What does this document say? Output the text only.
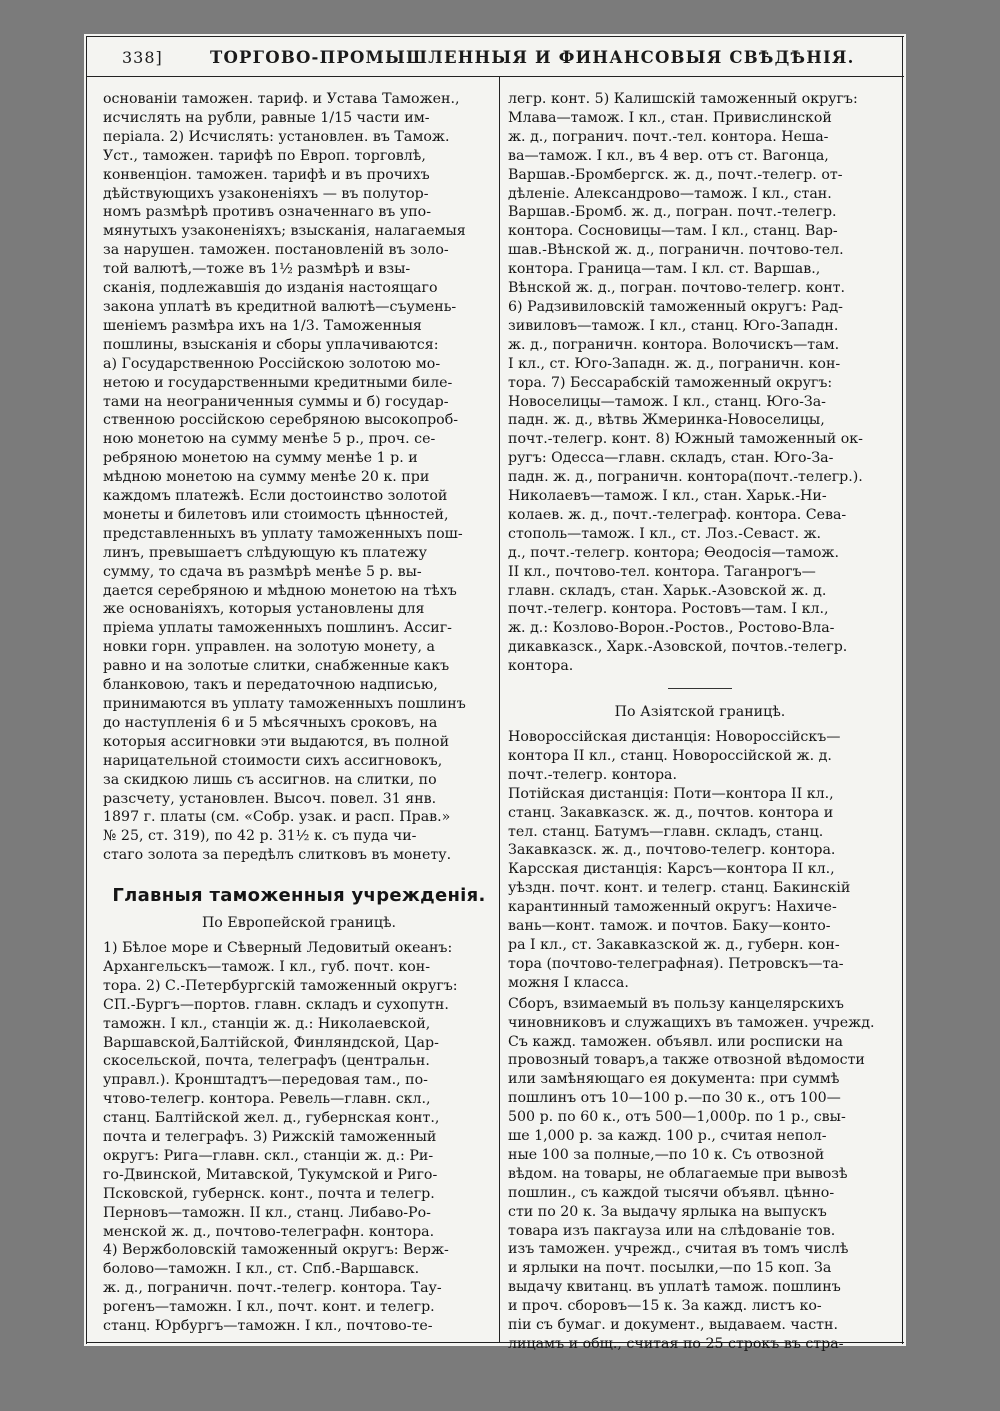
338]	ТОРГОВО-ПРОМЫШЛЕННЫЯ И ФИНАНСОВЫЯ СВѢДѢНІЯ.
основаніи таможен. тариф. и Устава Таможен.,
исчислять на рубли, равные 1/15 части им-
перiала. 2) Исчислять: установлен. въ Тамож.
Уст., таможен. тарифѣ по Европ. торговлѣ,
конвенціон. таможен. тарифѣ и въ прочихъ
дѣйствующихъ узаконеніяхъ — въ полутор-
номъ размѣрѣ противъ означеннаго въ упо-
мянутыхъ узаконеніяхъ; взысканія, налагаемыя
за нарушен. таможен. постановленій въ золо-
той валютѣ,—тоже въ 1½ размѣрѣ и взы-
сканія, подлежавшія до изданія настоящаго
закона уплатѣ въ кредитной валютѣ—съумень-
шеніемъ размѣра ихъ на 1/3. Таможенныя
пошлины, взысканія и сборы уплачиваются:
а) Государственною Россійскою золотою мо-
нетою и государственными кредитными биле-
тами на неограниченныя суммы и б) государ-
ственною россійскою серебряною высокопроб-
ною монетою на сумму менѣе 5 р., проч. се-
ребряною монетою на сумму менѣе 1 р. и
мѣдною монетою на сумму менѣе 20 к. при
каждомъ платежѣ. Если достоинство золотой
монеты и билетовъ или стоимость цѣнностей,
представленныхъ въ уплату таможенныхъ пош-
линъ, превышаетъ слѣдующую къ платежу
сумму, то сдача въ размѣрѣ менѣе 5 р. вы-
дается серебряною и мѣдною монетою на тѣхъ
же основаніяхъ, которыя установлены для
пріема уплаты таможенныхъ пошлинъ. Ассиг-
новки горн. управлен. на золотую монету, а
равно и на золотые слитки, снабженные какъ
бланковою, такъ и передаточною надписью,
принимаются въ уплату таможенныхъ пошлинъ
до наступленія 6 и 5 мѣсячныхъ сроковъ, на
которыя ассигновки эти выдаются, въ полной
нарицательной стоимости сихъ ассигновокъ,
за скидкою лишь съ ассигнов. на слитки, по
разсчету, установлен. Высоч. повел. 31 янв.
1897 г. платы (см. «Собр. узак. и расп. Прав.»
№ 25, ст. 319), по 42 р. 31½ к. съ пуда чи-
стаго золота за передѣлъ слитковъ въ монету.
Главныя таможенныя учрежденія.
По Европейской границѣ.
1) Бѣлое море и Сѣверный Ледовитый океанъ:
Архангельскъ—тамож. I кл., губ. почт. кон-
тора. 2) С.-Петербургскій таможенный округъ:
СП.-Бургъ—портов. главн. складъ и сухопутн.
таможн. I кл., станціи ж. д.: Николаевской,
Варшавской,Балтійской, Финляндской, Цар-
скосельской, почта, телеграфъ (центральн.
управл.). Кронштадтъ—передовая там., по-
чтово-телегр. контора. Ревель—главн. скл.,
станц. Балтійской жел. д., губернская конт.,
почта и телеграфъ. 3) Рижскій таможенный
округъ: Рига—главн. скл., станціи ж. д.: Ри-
го-Двинской, Митавской, Тукумской и Риго-
Псковской, губернск. конт., почта и телегр.
Перновъ—таможн. II кл., станц. Либаво-Ро-
менской ж. д., почтово-телеграфн. контора.
4) Вержболовскій таможенный округъ: Верж-
болово—таможн. I кл., ст. Спб.-Варшавск.
ж. д., пограничн. почт.-телегр. контора. Тау-
рогенъ—таможн. I кл., почт. конт. и телегр.
станц. Юрбургъ—таможн. I кл., почтово-те-
легр. конт. 5) Калишскій таможенный округъ:
Млава—тамож. I кл., стан. Привислинской
ж. д., погранич. почт.-тел. контора. Неша-
ва—тамож. I кл., въ 4 вер. отъ ст. Вагонца,
Варшав.-Бромбергск. ж. д., почт.-телегр. от-
дѣленіе. Александрово—тамож. I кл., стан.
Варшав.-Бромб. ж. д., погран. почт.-телегр.
контора. Сосновицы—там. I кл., станц. Вар-
шав.-Вѣнской ж. д., пограничн. почтово-тел.
контора. Граница—там. I кл. ст. Варшав.,
Вѣнской ж. д., погран. почтово-телегр. конт.
6) Радзивиловскій таможенный округъ: Рад-
зивиловъ—тамож. I кл., станц. Юго-Западн.
ж. д., пограничн. контора. Волочискъ—там.
I кл., ст. Юго-Западн. ж. д., пограничн. кон-
тора. 7) Бессарабскій таможенный округъ:
Новоселицы—тамож. I кл., станц. Юго-За-
падн. ж. д., вѣтвь Жмеринка-Новоселицы,
почт.-телегр. конт. 8) Южный таможенный ок-
ругъ: Одесса—главн. складъ, стан. Юго-За-
падн. ж. д., пограничн. контора(почт.-телегр.).
Николаевъ—тамож. I кл., стан. Харьк.-Ни-
колаев. ж. д., почт.-телеграф. контора. Сева-
стополь—тамож. I кл., ст. Лоз.-Севаст. ж.
д., почт.-телегр. контора; Ѳеодосія—тамож.
II кл., почтово-тел. контора. Таганрогъ—
главн. складъ, стан. Харьк.-Азовской ж. д.
почт.-телегр. контора. Ростовъ—там. I кл.,
ж. д.: Козлово-Ворон.-Ростов., Ростово-Вла-
дикавказск., Харк.-Азовской, почтов.-телегр.
контора.
По Азіятской границѣ.
Новороссійская дистанція: Новороссійскъ—
контора II кл., станц. Новороссійской ж. д.
почт.-телегр. контора.
Потійская дистанція: Поти—контора II кл.,
станц. Закавказск. ж. д., почтов. контора и
тел. станц. Батумъ—главн. складъ, станц.
Закавказск. ж. д., почтово-телегр. контора.
Карсская дистанція: Карсъ—контора II кл.,
уѣздн. почт. конт. и телегр. станц. Бакинскій
карантинный таможенный округъ: Нахиче-
вань—конт. тамож. и почтов. Баку—конто-
ра I кл., ст. Закавказской ж. д., губерн. кон-
тора (почтово-телеграфная). Петровскъ—та-
можня I класса.
Сборъ, взимаемый въ пользу канцелярскихъ
чиновниковъ и служащихъ въ таможен. учрежд.
Съ кажд. таможен. объявл. или росписки на
провозный товаръ,а также отвозной вѣдомости
или замѣняющаго ея документа: при суммѣ
пошлинъ отъ 10—100 р.—по 30 к., отъ 100—
500 р. по 60 к., отъ 500—1,000р. по 1 р., свы-
ше 1,000 р. за кажд. 100 р., считая непол-
ные 100 за полные,—по 10 к. Съ отвозной
вѣдом. на товары, не облагаемые при вывозѣ
пошлин., съ каждой тысячи объявл. цѣнно-
сти по 20 к. За выдачу ярлыка на выпускъ
товара изъ пакгауза или на слѣдованіе тов.
изъ таможен. учрежд., считая въ томъ числѣ
и ярлыки на почт. посылки,—по 15 коп. За
выдачу квитанц. въ уплатѣ тамож. пошлинъ
и проч. сборовъ—15 к. За кажд. листъ ко-
піи съ бумаг. и документ., выдаваем. частн.
лицамъ и общ., считая по 25 строкъ въ стра-
